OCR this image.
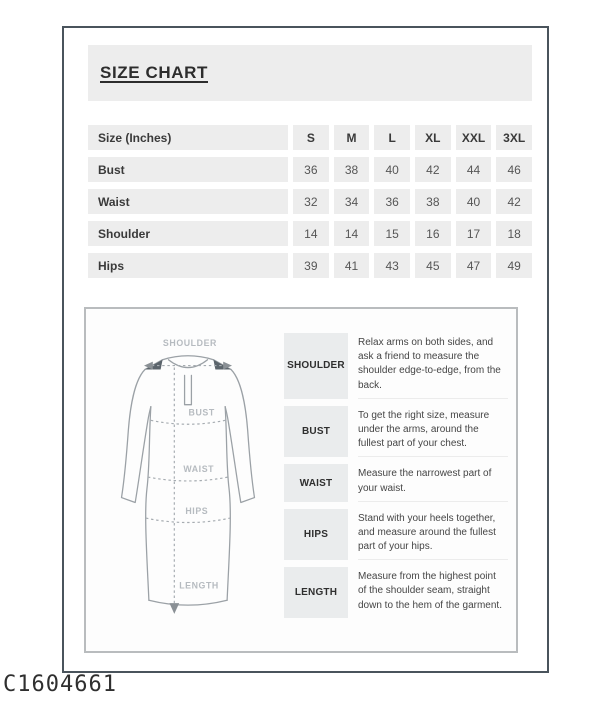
SIZE CHART
Size (Inches)	S	M	L	XL	XXL	3XL
Bust	36	38	40	42	44	46
Waist	32	34	36	38	40	42
Shoulder	14	14	15	16	17	18
Hips	39	41	43	45	47	49
SHOULDER
BUST
WAIST
HIPS
LENGTH
SHOULDER
Relax arms on both sides, and ask a friend to measure the shoulder edge-to-edge, from the back.
BUST
To get the right size, measure under the arms, around the fullest part of your chest.
WAIST
Measure the narrowest part of your waist.
HIPS
Stand with your heels together, and measure around the fullest part of your hips.
LENGTH
Measure from the highest point of the shoulder seam, straight down to the hem of the garment.
C1604661
